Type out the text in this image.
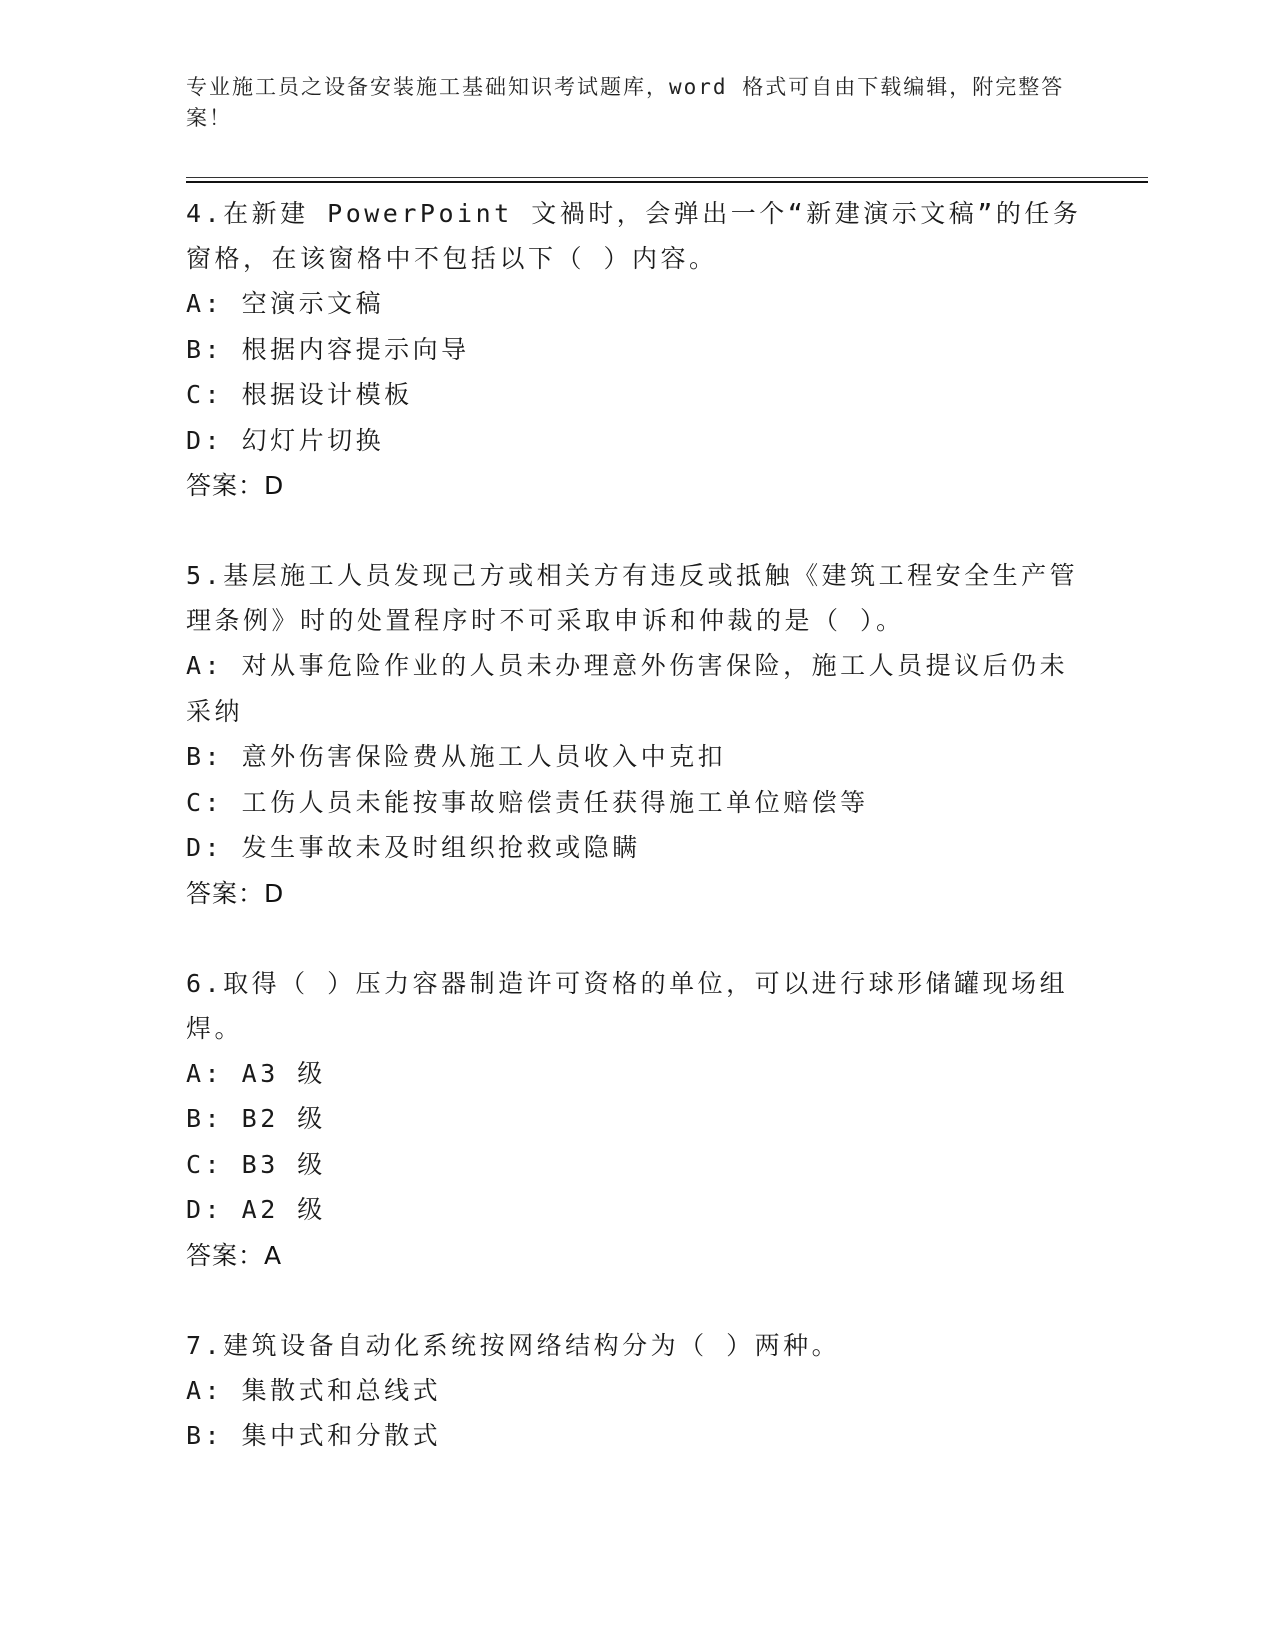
专业施工员之设备安装施工基础知识考试题库，word 格式可自由下载编辑，附完整答案！

4.在新建 PowerPoint 文禍时，会弹出一个“新建演示文稿”的任务窗格，在该窗格中不包括以下（ ）内容。

A: 空演示文稿

B: 根据内容提示向导

C: 根据设计模板

D: 幻灯片切换

答案：D

5.基层施工人员发现己方或相关方有违反或抵触《建筑工程安全生产管理条例》时的处置程序时不可采取申诉和仲裁的是（ ）。

A: 对从事危险作业的人员未办理意外伤害保险，施工人员提议后仍未采纳

B: 意外伤害保险费从施工人员收入中克扣

C: 工伤人员未能按事故赔偿责任获得施工单位赔偿等

D: 发生事故未及时组织抢救或隐瞒

答案：D

6.取得（ ）压力容器制造许可资格的单位，可以进行球形储罐现场组焊。

A: A3 级

B: B2 级

C: B3 级

D: A2 级

答案：A

7.建筑设备自动化系统按网络结构分为（ ）两种。

A: 集散式和总线式

B: 集中式和分散式
